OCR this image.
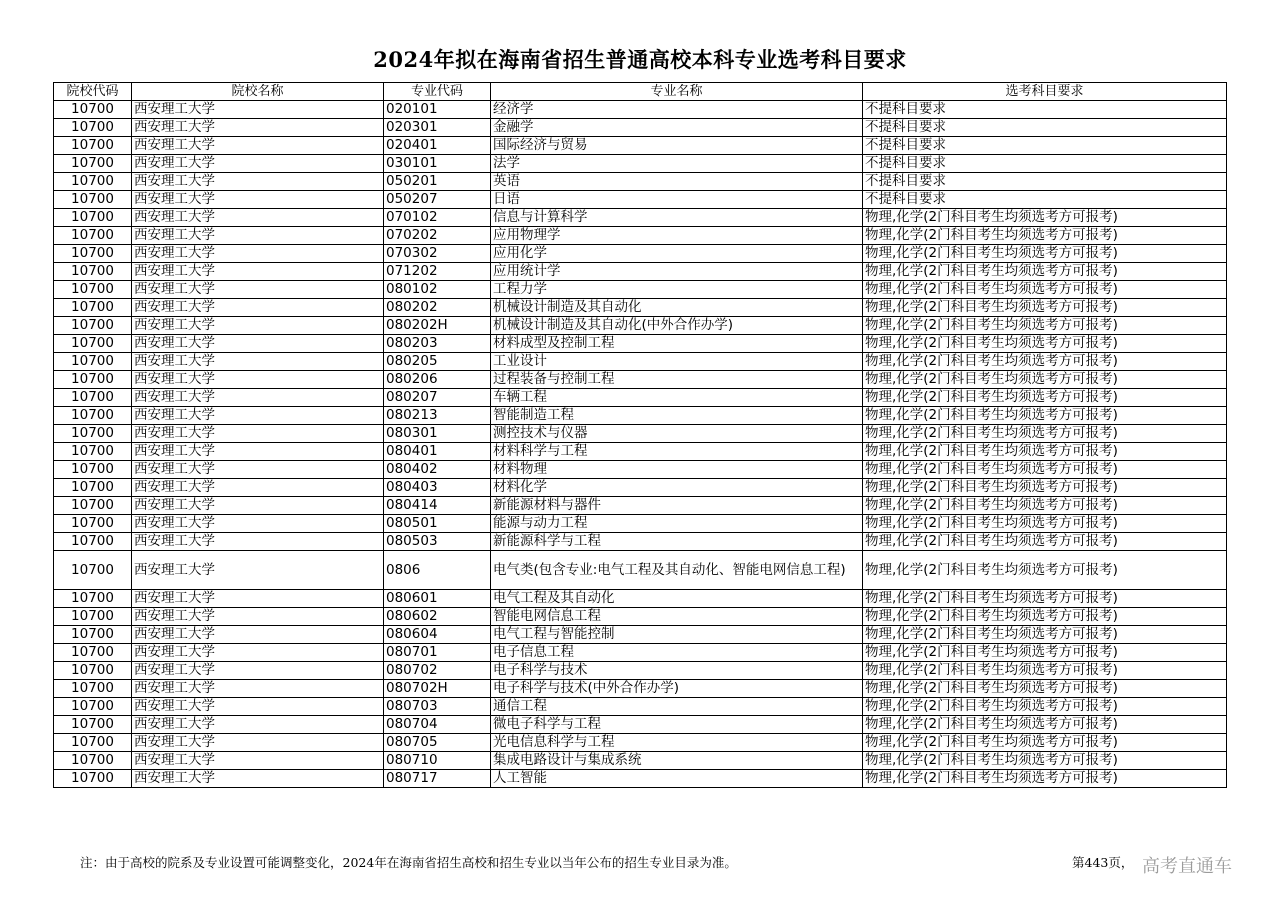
2024年拟在海南省招生普通高校本科专业选考科目要求
院校代码	院校名称	专业代码	专业名称	选考科目要求
10700	西安理工大学	020101	经济学	不提科目要求
10700	西安理工大学	020301	金融学	不提科目要求
10700	西安理工大学	020401	国际经济与贸易	不提科目要求
10700	西安理工大学	030101	法学	不提科目要求
10700	西安理工大学	050201	英语	不提科目要求
10700	西安理工大学	050207	日语	不提科目要求
10700	西安理工大学	070102	信息与计算科学	物理,化学(2门科目考生均须选考方可报考)
10700	西安理工大学	070202	应用物理学	物理,化学(2门科目考生均须选考方可报考)
10700	西安理工大学	070302	应用化学	物理,化学(2门科目考生均须选考方可报考)
10700	西安理工大学	071202	应用统计学	物理,化学(2门科目考生均须选考方可报考)
10700	西安理工大学	080102	工程力学	物理,化学(2门科目考生均须选考方可报考)
10700	西安理工大学	080202	机械设计制造及其自动化	物理,化学(2门科目考生均须选考方可报考)
10700	西安理工大学	080202H	机械设计制造及其自动化(中外合作办学)	物理,化学(2门科目考生均须选考方可报考)
10700	西安理工大学	080203	材料成型及控制工程	物理,化学(2门科目考生均须选考方可报考)
10700	西安理工大学	080205	工业设计	物理,化学(2门科目考生均须选考方可报考)
10700	西安理工大学	080206	过程装备与控制工程	物理,化学(2门科目考生均须选考方可报考)
10700	西安理工大学	080207	车辆工程	物理,化学(2门科目考生均须选考方可报考)
10700	西安理工大学	080213	智能制造工程	物理,化学(2门科目考生均须选考方可报考)
10700	西安理工大学	080301	测控技术与仪器	物理,化学(2门科目考生均须选考方可报考)
10700	西安理工大学	080401	材料科学与工程	物理,化学(2门科目考生均须选考方可报考)
10700	西安理工大学	080402	材料物理	物理,化学(2门科目考生均须选考方可报考)
10700	西安理工大学	080403	材料化学	物理,化学(2门科目考生均须选考方可报考)
10700	西安理工大学	080414	新能源材料与器件	物理,化学(2门科目考生均须选考方可报考)
10700	西安理工大学	080501	能源与动力工程	物理,化学(2门科目考生均须选考方可报考)
10700	西安理工大学	080503	新能源科学与工程	物理,化学(2门科目考生均须选考方可报考)
10700	西安理工大学	0806	电气类(包含专业:电气工程及其自动化、智能电网信息工程)	物理,化学(2门科目考生均须选考方可报考)
10700	西安理工大学	080601	电气工程及其自动化	物理,化学(2门科目考生均须选考方可报考)
10700	西安理工大学	080602	智能电网信息工程	物理,化学(2门科目考生均须选考方可报考)
10700	西安理工大学	080604	电气工程与智能控制	物理,化学(2门科目考生均须选考方可报考)
10700	西安理工大学	080701	电子信息工程	物理,化学(2门科目考生均须选考方可报考)
10700	西安理工大学	080702	电子科学与技术	物理,化学(2门科目考生均须选考方可报考)
10700	西安理工大学	080702H	电子科学与技术(中外合作办学)	物理,化学(2门科目考生均须选考方可报考)
10700	西安理工大学	080703	通信工程	物理,化学(2门科目考生均须选考方可报考)
10700	西安理工大学	080704	微电子科学与工程	物理,化学(2门科目考生均须选考方可报考)
10700	西安理工大学	080705	光电信息科学与工程	物理,化学(2门科目考生均须选考方可报考)
10700	西安理工大学	080710	集成电路设计与集成系统	物理,化学(2门科目考生均须选考方可报考)
10700	西安理工大学	080717	人工智能	物理,化学(2门科目考生均须选考方可报考)
注：由于高校的院系及专业设置可能调整变化，2024年在海南省招生高校和招生专业以当年公布的招生专业目录为准。	第443页， 高考直通车
